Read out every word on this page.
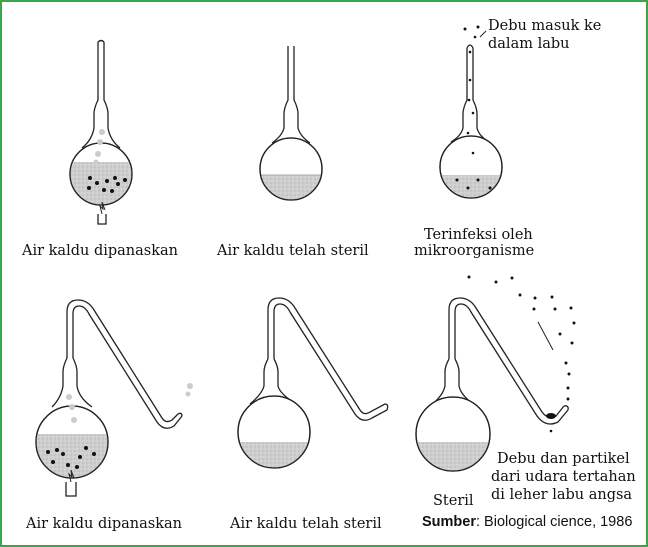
Air kaldu dipanaskan	Air kaldu telah steril
Terinfeksi oleh
mikroorganisme
Debu masuk ke
dalam labu
Air kaldu dipanaskan	Air kaldu telah steril
Steril
Debu dan partikel
dari udara tertahan
di leher labu angsa
Sumber: Biological cience, 1986
